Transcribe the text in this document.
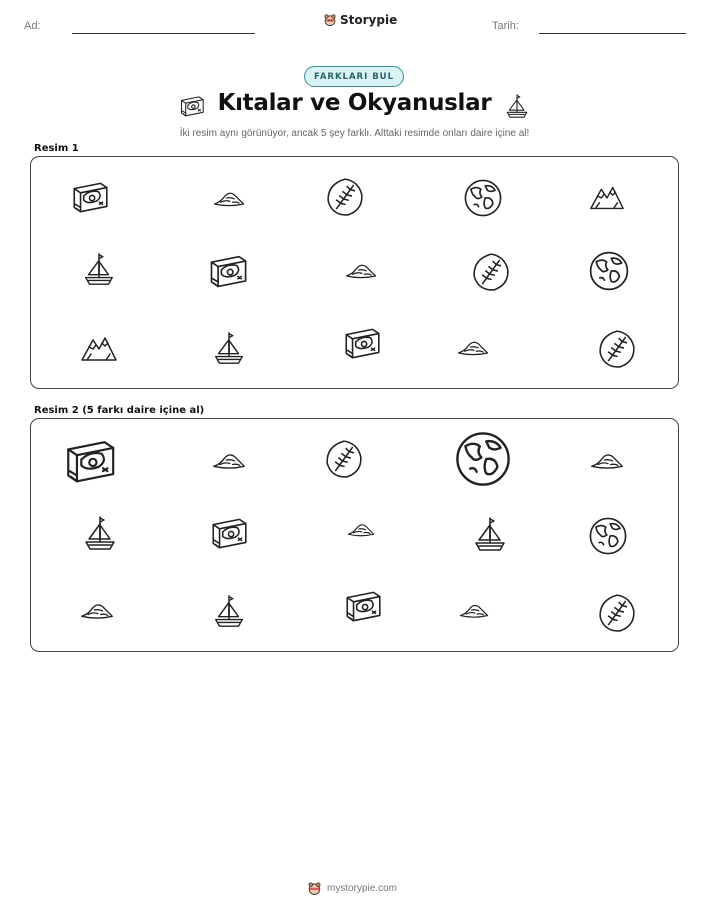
Ad:	Storypie	Tarih:
FARKLARI BUL
Kıtalar ve Okyanuslar
İki resim aynı görünüyor, ancak 5 şey farklı. Alttaki resimde onları daire içine al!
Resim 1
Resim 2 (5 farkı daire içine al)
mystorypie.com
